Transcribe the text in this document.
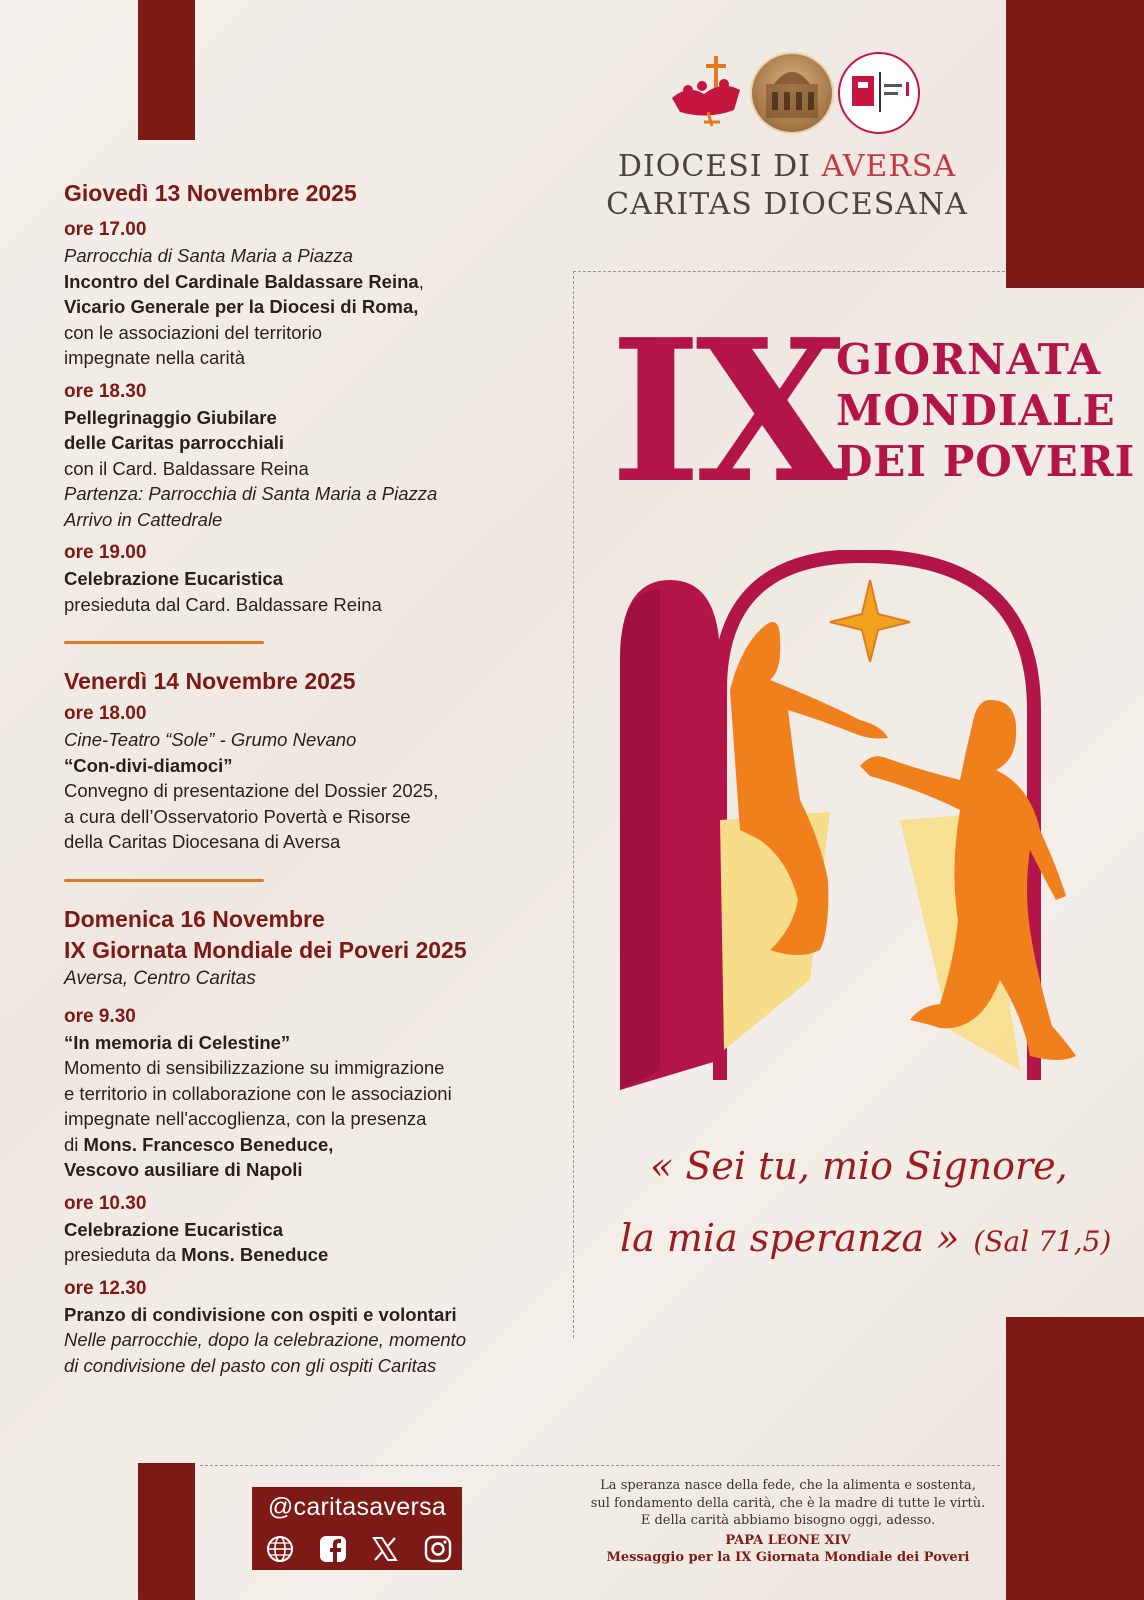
Giovedì 13 Novembre 2025
ore 17.00
Parrocchia di Santa Maria a Piazza
Incontro del Cardinale Baldassare Reina,
Vicario Generale per la Diocesi di Roma,
con le associazioni del territorio
impegnate nella carità
ore 18.30
Pellegrinaggio Giubilare
delle Caritas parrocchiali
con il Card. Baldassare Reina
Partenza: Parrocchia di Santa Maria a Piazza
Arrivo in Cattedrale
ore 19.00
Celebrazione Eucaristica
presieduta dal Card. Baldassare Reina
Venerdì 14 Novembre 2025
ore 18.00
Cine-Teatro “Sole” - Grumo Nevano
“Con-divi-diamoci”
Convegno di presentazione del Dossier 2025,
a cura dell’Osservatorio Povertà e Risorse
della Caritas Diocesana di Aversa
Domenica 16 Novembre
IX Giornata Mondiale dei Poveri 2025
Aversa, Centro Caritas
ore 9.30
“In memoria di Celestine”
Momento di sensibilizzazione su immigrazione
e territorio in collaborazione con le associazioni
impegnate nell'accoglienza, con la presenza
di Mons. Francesco Beneduce,
Vescovo ausiliare di Napoli
ore 10.30
Celebrazione Eucaristica
presieduta da Mons. Beneduce
ore 12.30
Pranzo di condivisione con ospiti e volontari
Nelle parrocchie, dopo la celebrazione, momento
di condivisione del pasto con gli ospiti Caritas
DIOCESI DI AVERSA
CARITAS DIOCESANA
IX
GIORNATA
MONDIALE
DEI POVERI
« Sei tu, mio Signore,
la mia speranza » (Sal 71,5)
@caritasaversa
La speranza nasce della fede, che la alimenta e sostenta,
sul fondamento della carità, che è la madre di tutte le virtù.
E della carità abbiamo bisogno oggi, adesso.
PAPA LEONE XIV
Messaggio per la IX Giornata Mondiale dei Poveri
